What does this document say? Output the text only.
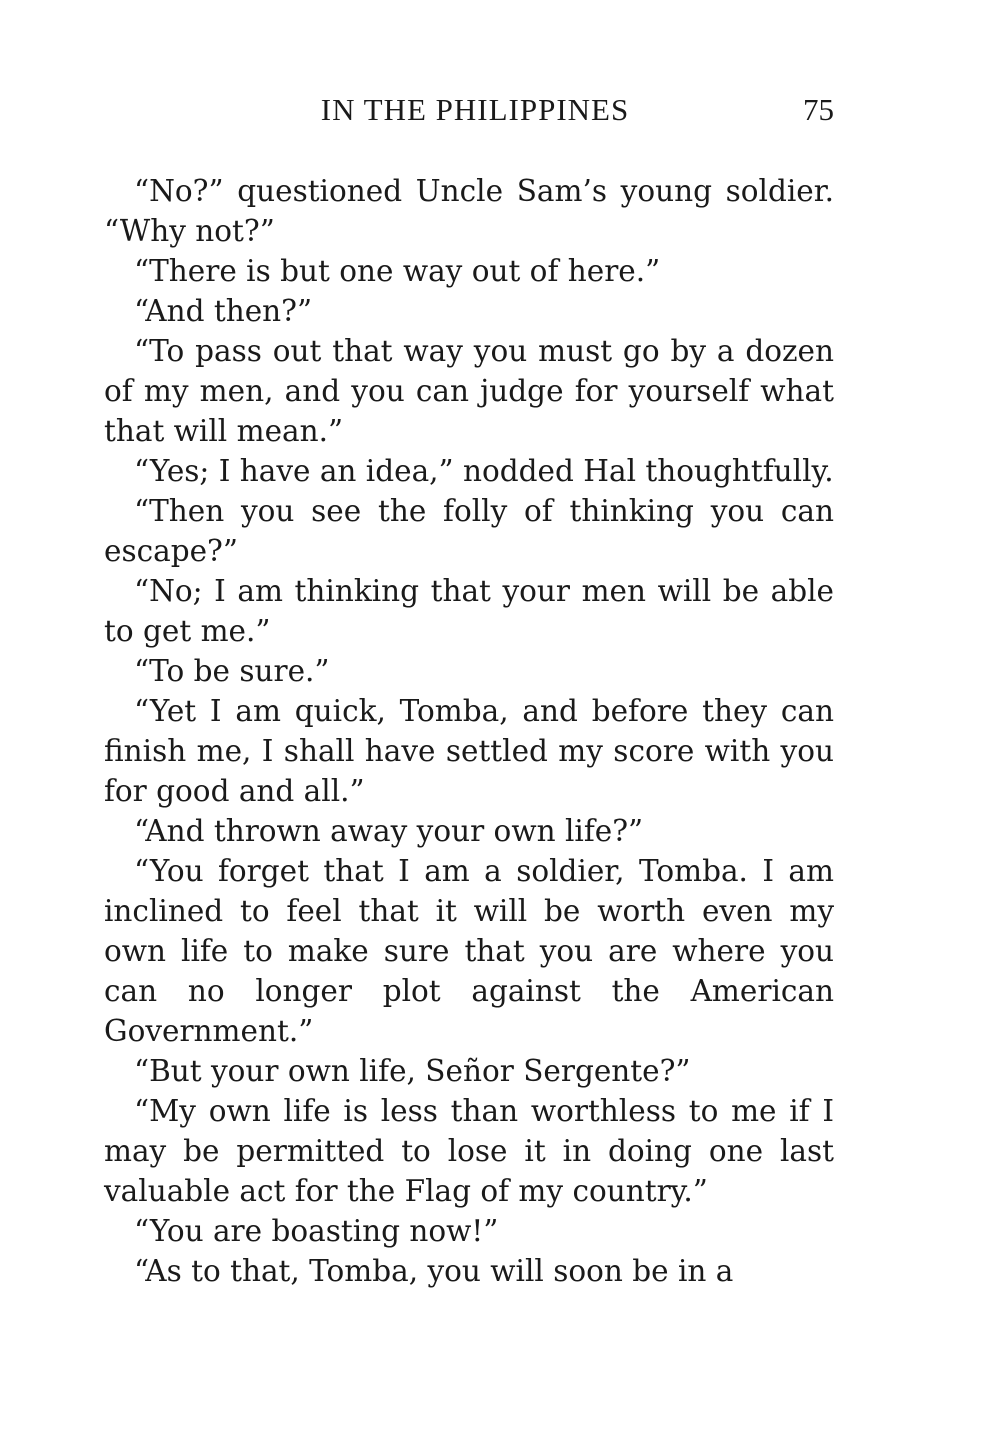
IN THE PHILIPPINES	75

“No?” questioned Uncle Sam’s young soldier. “Why not?”

“There is but one way out of here.”

“And then?”

“To pass out that way you must go by a dozen of my men, and you can judge for yourself what that will mean.”

“Yes; I have an idea,” nodded Hal thoughtfully.

“Then you see the folly of thinking you can escape?”

“No; I am thinking that your men will be able to get me.”

“To be sure.”

“Yet I am quick, Tomba, and before they can finish me, I shall have settled my score with you for good and all.”

“And thrown away your own life?”

“You forget that I am a soldier, Tomba. I am inclined to feel that it will be worth even my own life to make sure that you are where you can no longer plot against the American Government.”

“But your own life, Señor Sergente?”

“My own life is less than worthless to me if I may be permitted to lose it in doing one last valuable act for the Flag of my country.”

“You are boasting now!”

“As to that, Tomba, you will soon be in a
